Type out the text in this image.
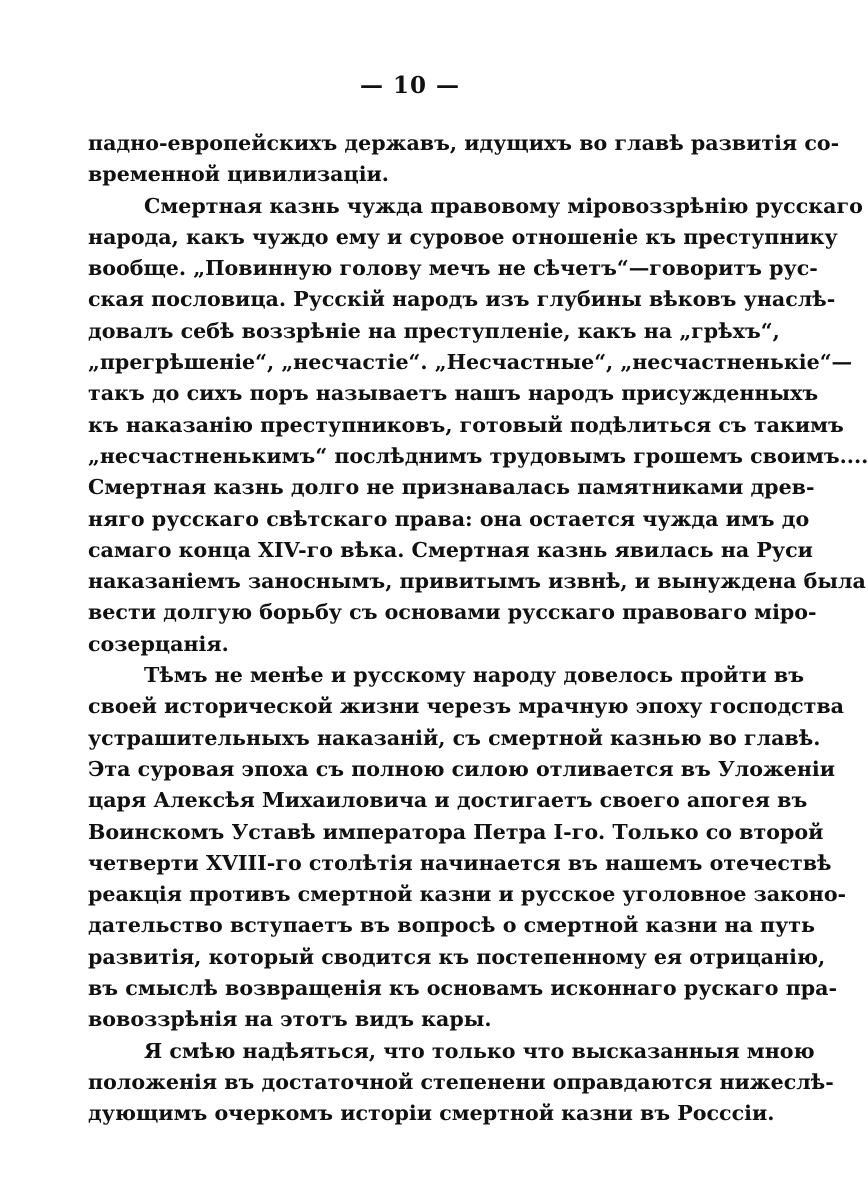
— 10 —
падно-европейскихъ державъ, идущихъ во главѣ развитія со-
временной цивилизаціи.
Смертная казнь чужда правовому міровоззрѣнію русскаго
народа, какъ чуждо ему и суровое отношеніе къ преступнику
вообще. „Повинную голову мечъ не сѣчетъ“—говоритъ рус-
ская пословица. Русскій народъ изъ глубины вѣковъ унаслѣ-
довалъ себѣ воззрѣніе на преступленіе, какъ на „грѣхъ“,
„прегрѣшеніе“, „несчастіе“. „Несчастные“, „несчастненькіе“—
такъ до сихъ поръ называетъ нашъ народъ присужденныхъ
къ наказанію преступниковъ, готовый подѣлиться съ такимъ
„несчастненькимъ“ послѣднимъ трудовымъ грошемъ своимъ....
Смертная казнь долго не признавалась памятниками древ-
няго русскаго свѣтскаго права: она остается чужда имъ до
самаго конца XIV-го вѣка. Смертная казнь явилась на Руси
наказаніемъ заноснымъ, привитымъ извнѣ, и вынуждена была
вести долгую борьбу съ основами русскаго правоваго міро-
созерцанія.
Тѣмъ не менѣе и русскому народу довелось пройти въ
своей исторической жизни черезъ мрачную эпоху господства
устрашительныхъ наказаній, съ смертной казнью во главѣ.
Эта суровая эпоха съ полною силою отливается въ Уложеніи
царя Алексѣя Михаиловича и достигаетъ своего апогея въ
Воинскомъ Уставѣ императора Петра I-го. Только со второй
четверти XVIII-го столѣтія начинается въ нашемъ отечествѣ
реакція противъ смертной казни и русское уголовное законо-
дательство вступаетъ въ вопросѣ о смертной казни на путь
развитія, который сводится къ постепенному ея отрицанію,
въ смыслѣ возвращенія къ основамъ исконнаго рускаго пра-
вовоззрѣнія на этотъ видъ кары.
Я смѣю надѣяться, что только что высказанныя мною
положенія въ достаточной степенени оправдаются нижеслѣ-
дующимъ очеркомъ исторіи смертной казни въ Росссіи.
